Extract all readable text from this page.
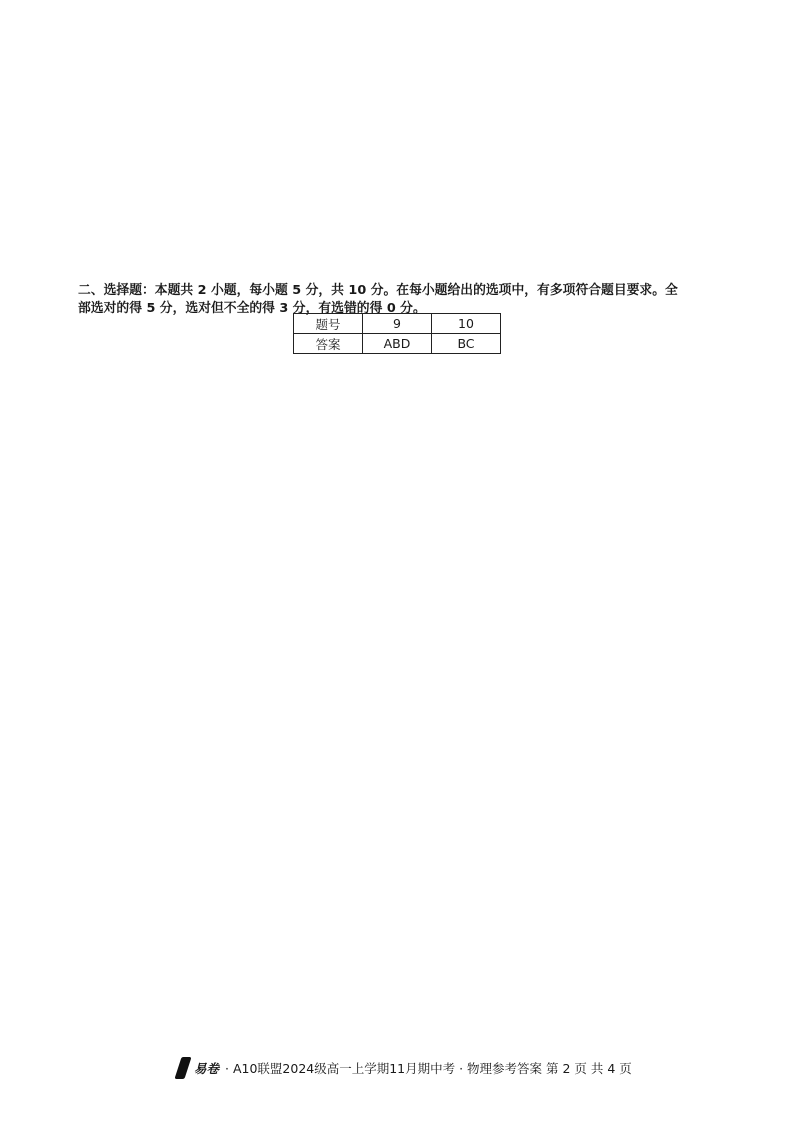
二、选择题：本题共 2 小题，每小题 5 分，共 10 分。在每小题给出的选项中，有多项符合题目要求。全
部选对的得 5 分，选对但不全的得 3 分，有选错的得 0 分。
题号	9	10
答案	ABD	BC
易卷 · A10联盟2024级高一上学期11月期中考 · 物理参考答案 第 2 页 共 4 页
